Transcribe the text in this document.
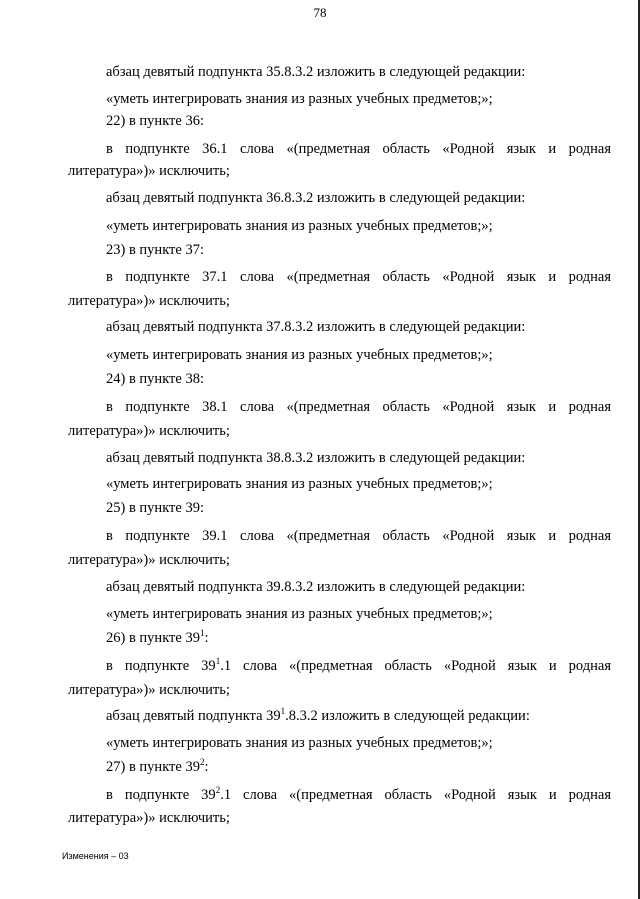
78
абзац девятый подпункта 35.8.3.2 изложить в следующей редакции:
«уметь интегрировать знания из разных учебных предметов;»;
22) в пункте 36:
в подпункте 36.1 слова «(предметная область «Родной язык и родная
литература»)» исключить;
абзац девятый подпункта 36.8.3.2 изложить в следующей редакции:
«уметь интегрировать знания из разных учебных предметов;»;
23) в пункте 37:
в подпункте 37.1 слова «(предметная область «Родной язык и родная
литература»)» исключить;
абзац девятый подпункта 37.8.3.2 изложить в следующей редакции:
«уметь интегрировать знания из разных учебных предметов;»;
24) в пункте 38:
в подпункте 38.1 слова «(предметная область «Родной язык и родная
литература»)» исключить;
абзац девятый подпункта 38.8.3.2 изложить в следующей редакции:
«уметь интегрировать знания из разных учебных предметов;»;
25) в пункте 39:
в подпункте 39.1 слова «(предметная область «Родной язык и родная
литература»)» исключить;
абзац девятый подпункта 39.8.3.2 изложить в следующей редакции:
«уметь интегрировать знания из разных учебных предметов;»;
26) в пункте $39^1$:
в подпункте $39^1.1$ слова «(предметная область «Родной язык и родная
литература»)» исключить;
абзац девятый подпункта $39^1.8.3.2$ изложить в следующей редакции:
«уметь интегрировать знания из разных учебных предметов;»;
27) в пункте $39^2$:
в подпункте $39^2.1$ слова «(предметная область «Родной язык и родная
литература»)» исключить;
Изменения – 03
